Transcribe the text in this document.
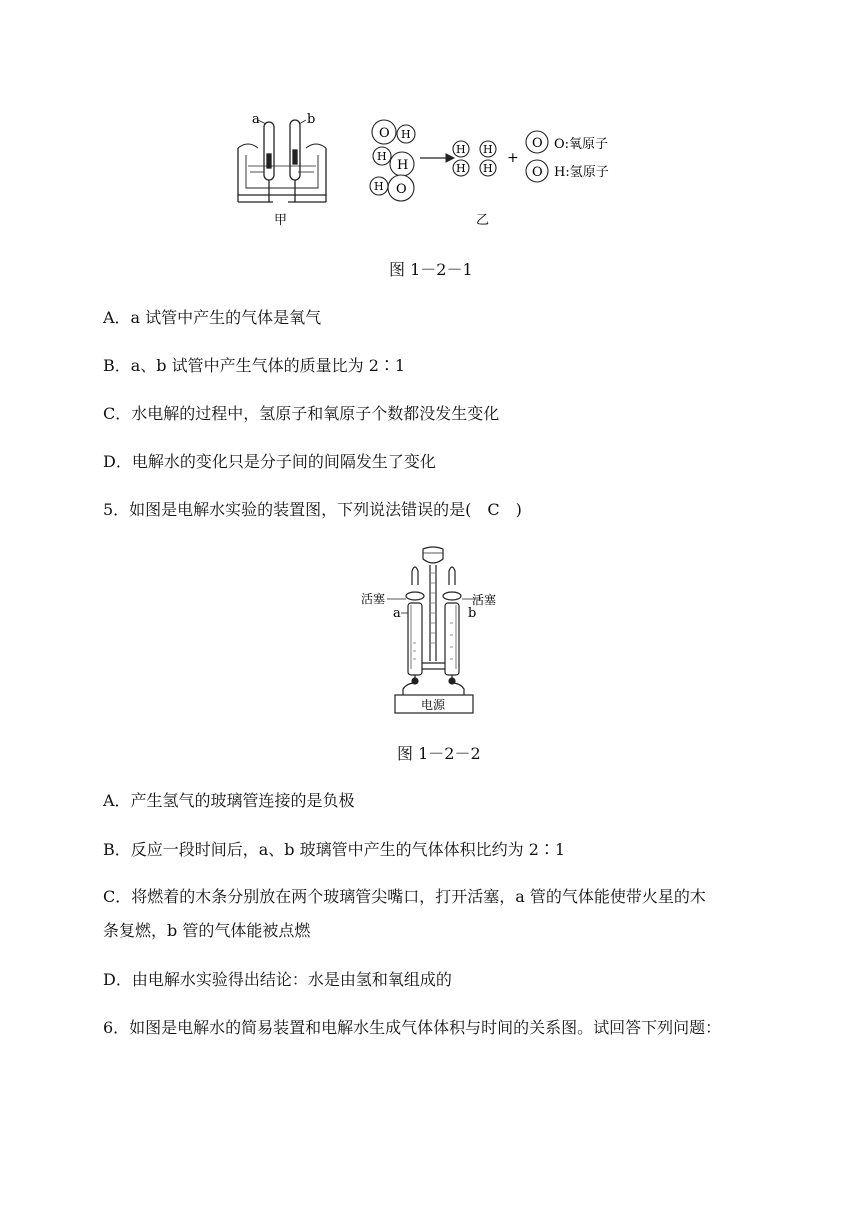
a	b
甲
O H
H
H
H O
H
H
H
H
+
O
O
O:氧原子
H:氢原子
乙
图 1－2－1
A．a 试管中产生的气体是氧气
B．a、b 试管中产生气体的质量比为 2∶1
C．水电解的过程中，氢原子和氧原子个数都没发生变化
D．电解水的变化只是分子间的间隔发生了变化
5．如图是电解水实验的装置图，下列说法错误的是(　C　)
活塞	活塞
a	b
电源
图 1－2－2
A．产生氢气的玻璃管连接的是负极
B．反应一段时间后，a、b 玻璃管中产生的气体体积比约为 2∶1
C．将燃着的木条分别放在两个玻璃管尖嘴口，打开活塞，a 管的气体能使带火星的木
条复燃，b 管的气体能被点燃
D．由电解水实验得出结论：水是由氢和氧组成的
6．如图是电解水的简易装置和电解水生成气体体积与时间的关系图。试回答下列问题：
